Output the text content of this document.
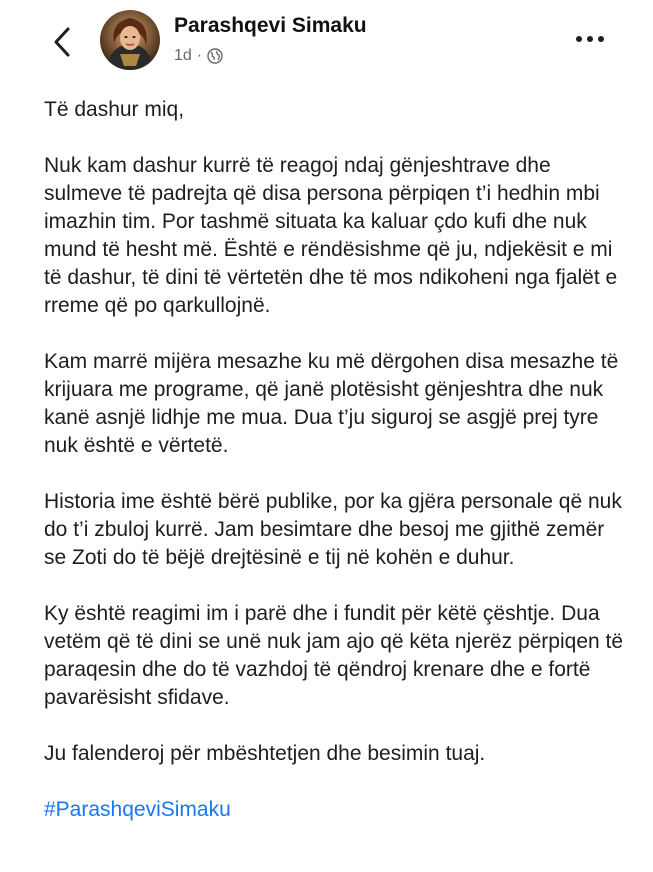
Parashqevi Simaku
1d ·

Të dashur miq,

Nuk kam dashur kurrë të reagoj ndaj gënjeshtrave dhe sulmeve të padrejta që disa persona përpiqen t’i hedhin mbi imazhin tim. Por tashmë situata ka kaluar çdo kufi dhe nuk mund të hesht më. Është e rëndësishme që ju, ndjekësit e mi të dashur, të dini të vërtetën dhe të mos ndikoheni nga fjalët e rreme që po qarkullojnë.

Kam marrë mijëra mesazhe ku më dërgohen disa mesazhe të krijuara me programe, që janë plotësisht gënjeshtra dhe nuk kanë asnjë lidhje me mua. Dua t’ju siguroj se asgjë prej tyre nuk është e vërtetë.

Historia ime është bërë publike, por ka gjëra personale që nuk do t’i zbuloj kurrë. Jam besimtare dhe besoj me gjithë zemër se Zoti do të bëjë drejtësinë e tij në kohën e duhur.

Ky është reagimi im i parë dhe i fundit për këtë çështje. Dua vetëm që të dini se unë nuk jam ajo që këta njerëz përpiqen të paraqesin dhe do të vazhdoj të qëndroj krenare dhe e fortë pavarësisht sfidave.

Ju falenderoj për mbështetjen dhe besimin tuaj.

#ParashqeviSimaku
